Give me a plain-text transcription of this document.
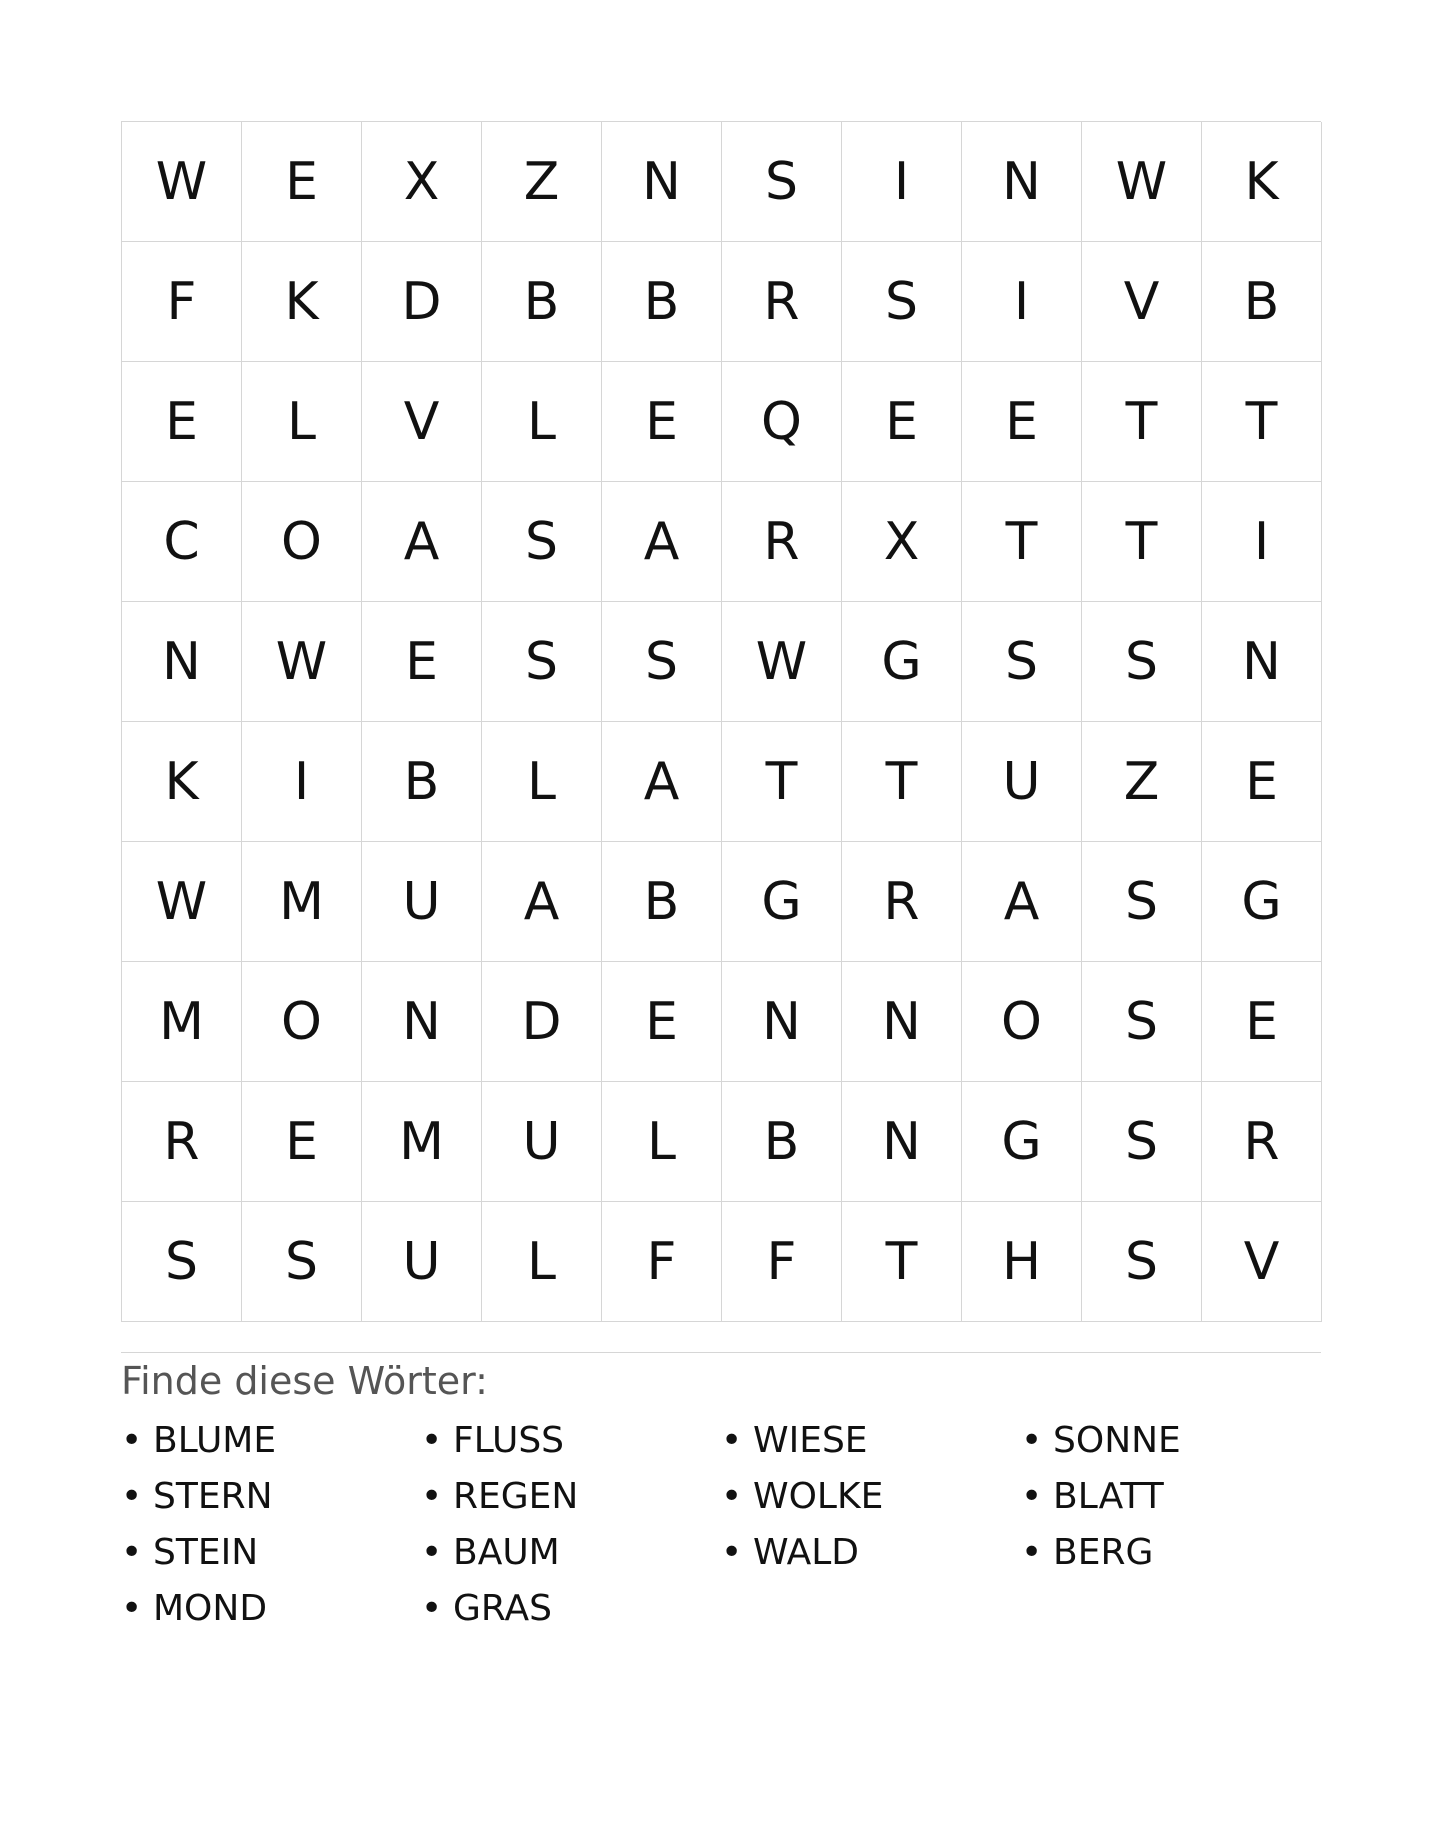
W	E	X	Z	N	S	I	N	W	K
F	K	D	B	B	R	S	I	V	B
E	L	V	L	E	Q	E	E	T	T
C	O	A	S	A	R	X	T	T	I
N	W	E	S	S	W	G	S	S	N
K	I	B	L	A	T	T	U	Z	E
W	M	U	A	B	G	R	A	S	G
M	O	N	D	E	N	N	O	S	E
R	E	M	U	L	B	N	G	S	R
S	S	U	L	F	F	T	H	S	V
Finde diese Wörter:
• BLUME	• FLUSS	• WIESE	• SONNE
• STERN	• REGEN	• WOLKE	• BLATT
• STEIN	• BAUM	• WALD	• BERG
• MOND	• GRAS
